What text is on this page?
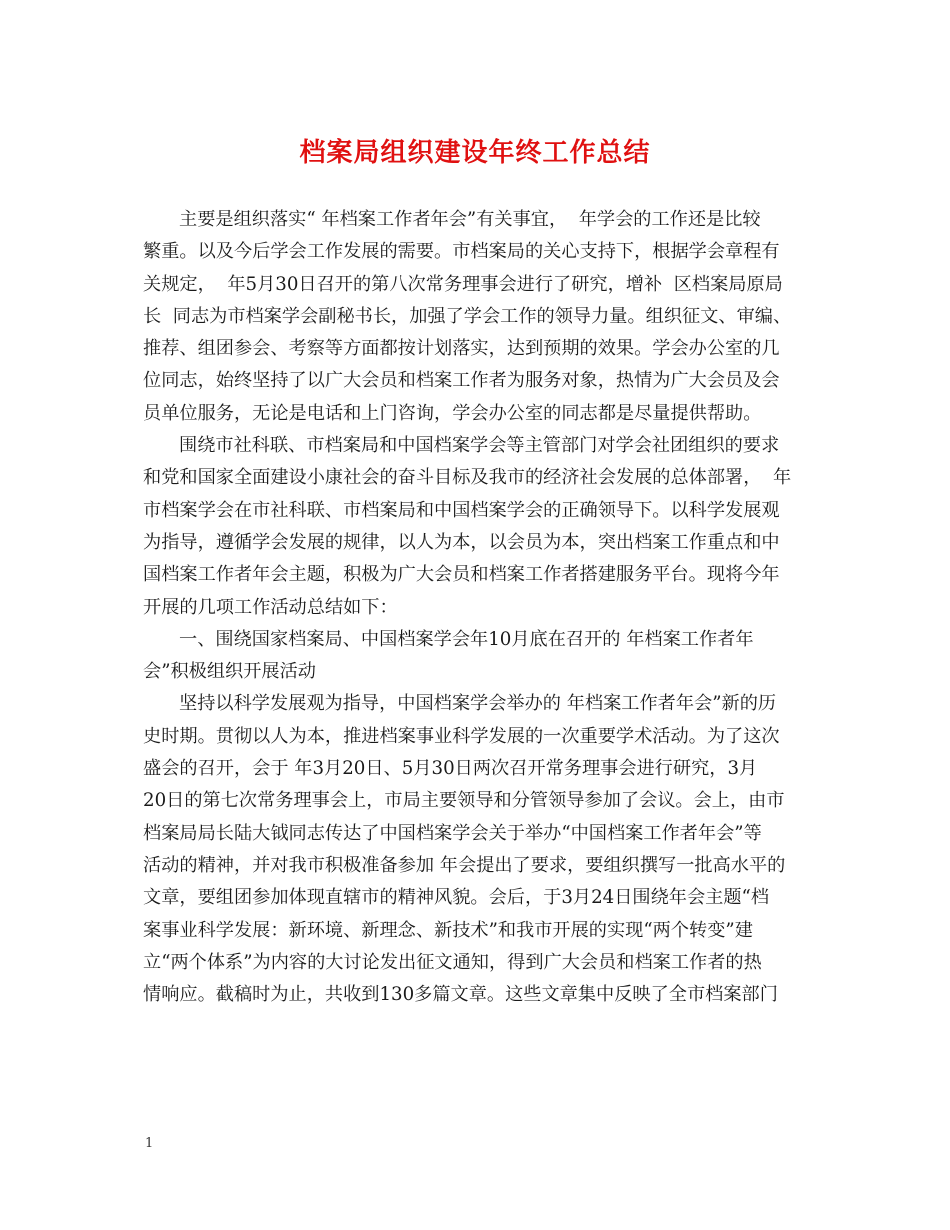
档案局组织建设年终工作总结
主要是组织落实“ 年档案工作者年会”有关事宜，  年学会的工作还是比较
繁重。以及今后学会工作发展的需要。市档案局的关心支持下，根据学会章程有
关规定，  年5月30日召开的第八次常务理事会进行了研究，增补  区档案局原局
长  同志为市档案学会副秘书长，加强了学会工作的领导力量。组织征文、审编、
推荐、组团参会、考察等方面都按计划落实，达到预期的效果。学会办公室的几
位同志，始终坚持了以广大会员和档案工作者为服务对象，热情为广大会员及会
员单位服务，无论是电话和上门咨询，学会办公室的同志都是尽量提供帮助。
围绕市社科联、市档案局和中国档案学会等主管部门对学会社团组织的要求
和党和国家全面建设小康社会的奋斗目标及我市的经济社会发展的总体部署，  年
市档案学会在市社科联、市档案局和中国档案学会的正确领导下。以科学发展观
为指导，遵循学会发展的规律，以人为本，以会员为本，突出档案工作重点和中
国档案工作者年会主题，积极为广大会员和档案工作者搭建服务平台。现将今年
开展的几项工作活动总结如下：
一、围绕国家档案局、中国档案学会年10月底在召开的 年档案工作者年
会”积极组织开展活动
坚持以科学发展观为指导，中国档案学会举办的 年档案工作者年会”新的历
史时期。贯彻以人为本，推进档案事业科学发展的一次重要学术活动。为了这次
盛会的召开，会于 年3月20日、5月30日两次召开常务理事会进行研究，3月
20日的第七次常务理事会上，市局主要领导和分管领导参加了会议。会上，由市
档案局局长陆大钺同志传达了中国档案学会关于举办“中国档案工作者年会”等
活动的精神，并对我市积极准备参加 年会提出了要求，要组织撰写一批高水平的
文章，要组团参加体现直辖市的精神风貌。会后，于3月24日围绕年会主题“档
案事业科学发展：新环境、新理念、新技术”和我市开展的实现“两个转变”建
立“两个体系”为内容的大讨论发出征文通知，得到广大会员和档案工作者的热
情响应。截稿时为止，共收到130多篇文章。这些文章集中反映了全市档案部门
1
